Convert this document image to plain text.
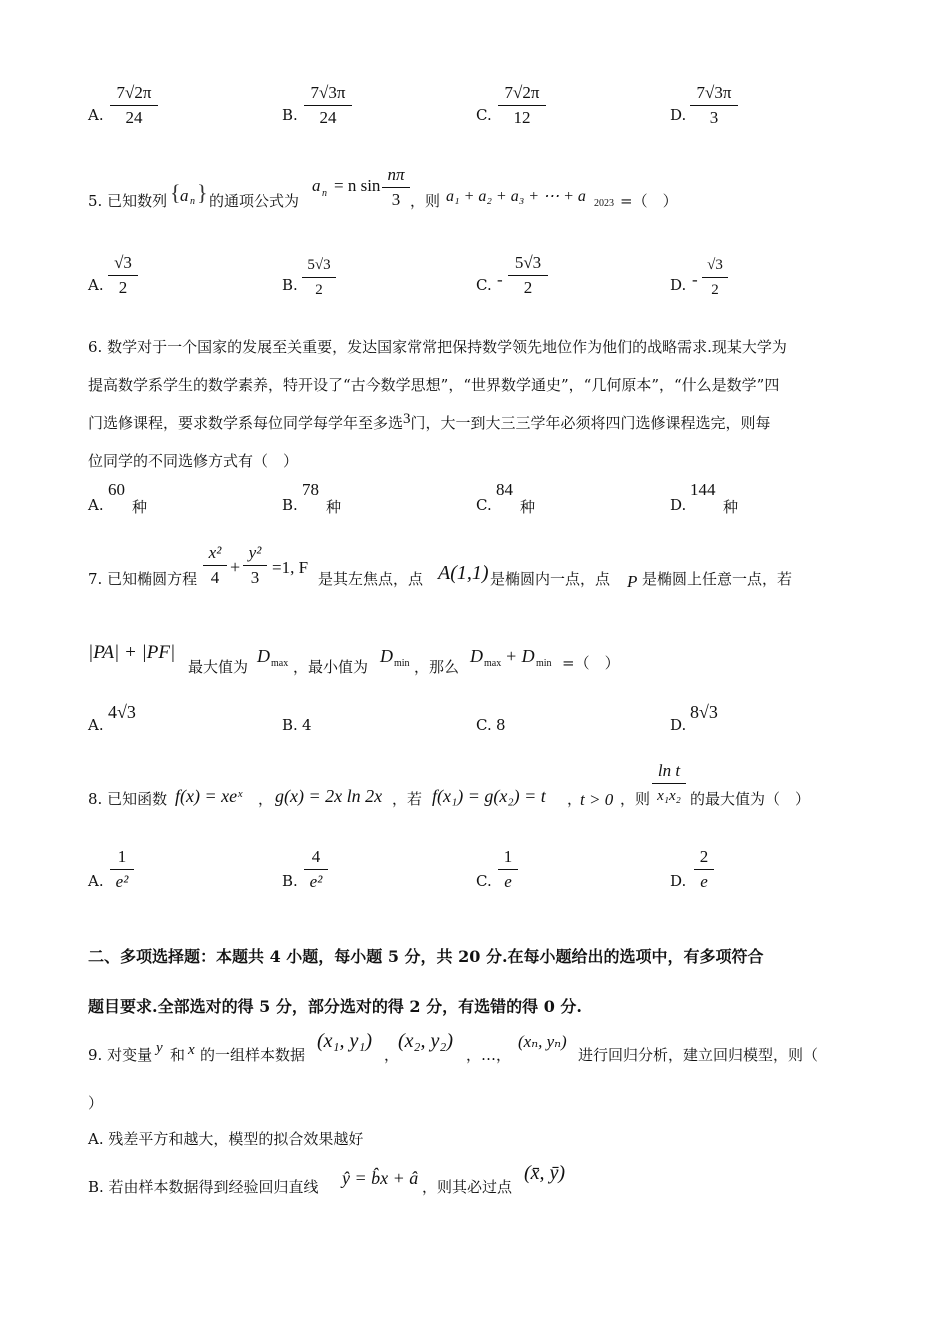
A.
7√2π
24	B.
7√3π
24	C.
7√2π
12	D.
7√3π
3
5. 已知数列 { a n } 的通项公式为
a n = n sin
nπ
3 ，则 a₁ + a₂ + a₃ + ⋯ + a 2023 =（　）
A.
√3
2	B.
5√3
2	C. -
5√3
2	D. -
√3
2
6. 数学对于一个国家的发展至关重要，发达国家常常把保持数学领先地位作为他们的战略需求.现某大学为
提高数学系学生的数学素养，特开设了“古今数学思想”，“世界数学通史”，“几何原本”，“什么是数学”四
门选修课程，要求数学系每位同学每学年至多选3门，大一到大三三学年必须将四门选修课程选完，则每
位同学的不同选修方式有（　）
A.
60
种	B.
78
种	C.
84
种	D.
144
种
7. 已知椭圆方程
x²
4
+
y²
3
=1, F
是其左焦点，点 A(1,1) 是椭圆内一点，点 P 是椭圆上任意一点，若
|PA| + |PF|
最大值为
D max ，最小值为
D min ，那么
D max + D min =（　）
A.
4√3
B. 4	C. 8	D.
8√3
8. 已知函数 f(x) = xeˣ ， g(x) = 2x ln 2x ，若 f(x₁) = g(x₂) = t ，
t > 0 ，则
ln t
x₁x₂ 的最大值为（　）
A.
1
e²	B.
4
e²	C.
1
e	D.
2
e
二、多项选择题：本题共 4 小题，每小题 5 分，共 20 分.在每小题给出的选项中，有多项符合
题目要求.全部选对的得 5 分，部分选对的得 2 分，有选错的得 0 分.
9. 对变量 y 和 x 的一组样本数据
(x₁, y₁)
，
(x₂, y₂)
，…，
(xₙ, yₙ)
进行回归分析，建立回归模型，则（
）
A. 残差平方和越大，模型的拟合效果越好
B. 若由样本数据得到经验回归直线 ŷ = b̂x + â ，则其必过点
(x̄, ȳ)
